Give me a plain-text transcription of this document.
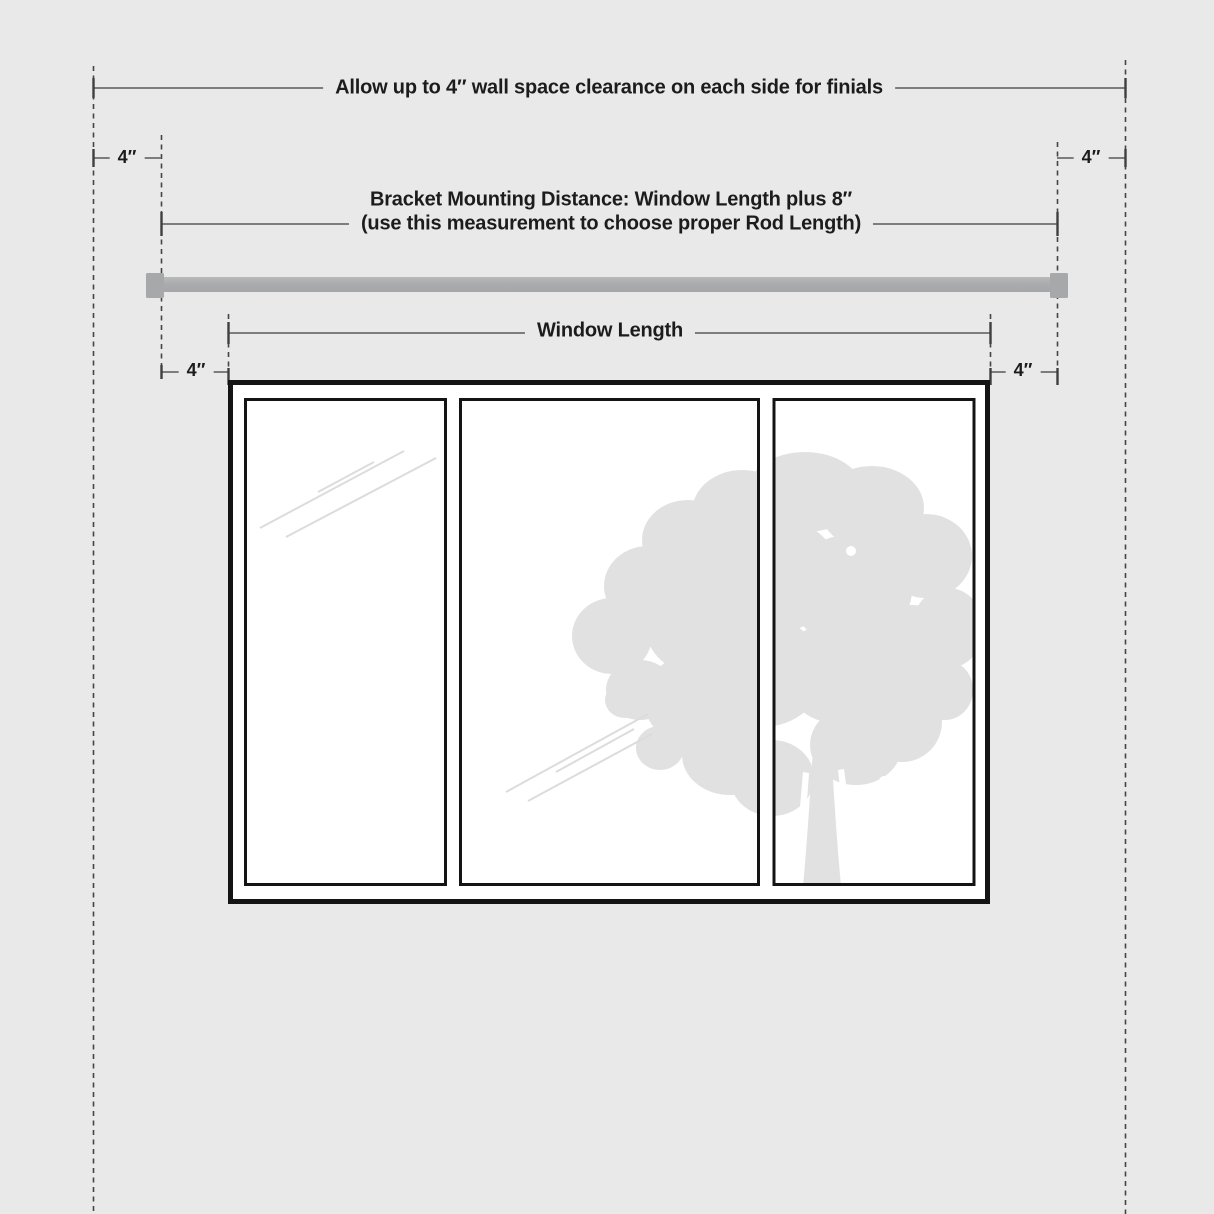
Allow up to 4″ wall space clearance on each side for finials
Bracket Mounting Distance: Window Length plus 8″
(use this measurement to choose proper Rod Length)
Window Length
4″	4″
4″	4″
